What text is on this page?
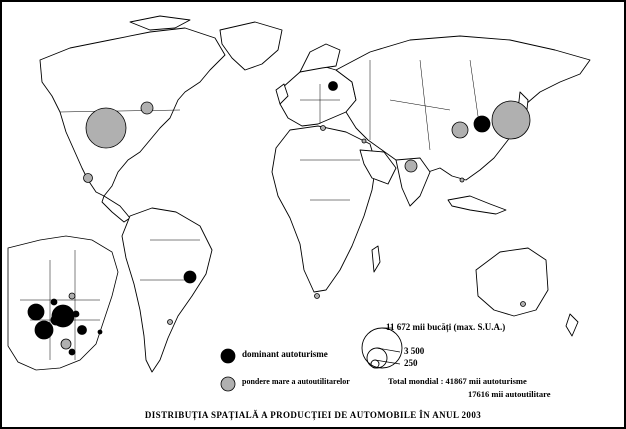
dominant autoturisme
pondere mare a autoutilitarelor
11 672 mii bucăți (max. S.U.A.)
3 500
250
Total mondial : 41867 mii autoturisme
17616 mii autoutilitare
DISTRIBUȚIA SPAȚIALĂ A PRODUCȚIEI DE AUTOMOBILE ÎN ANUL 2003
